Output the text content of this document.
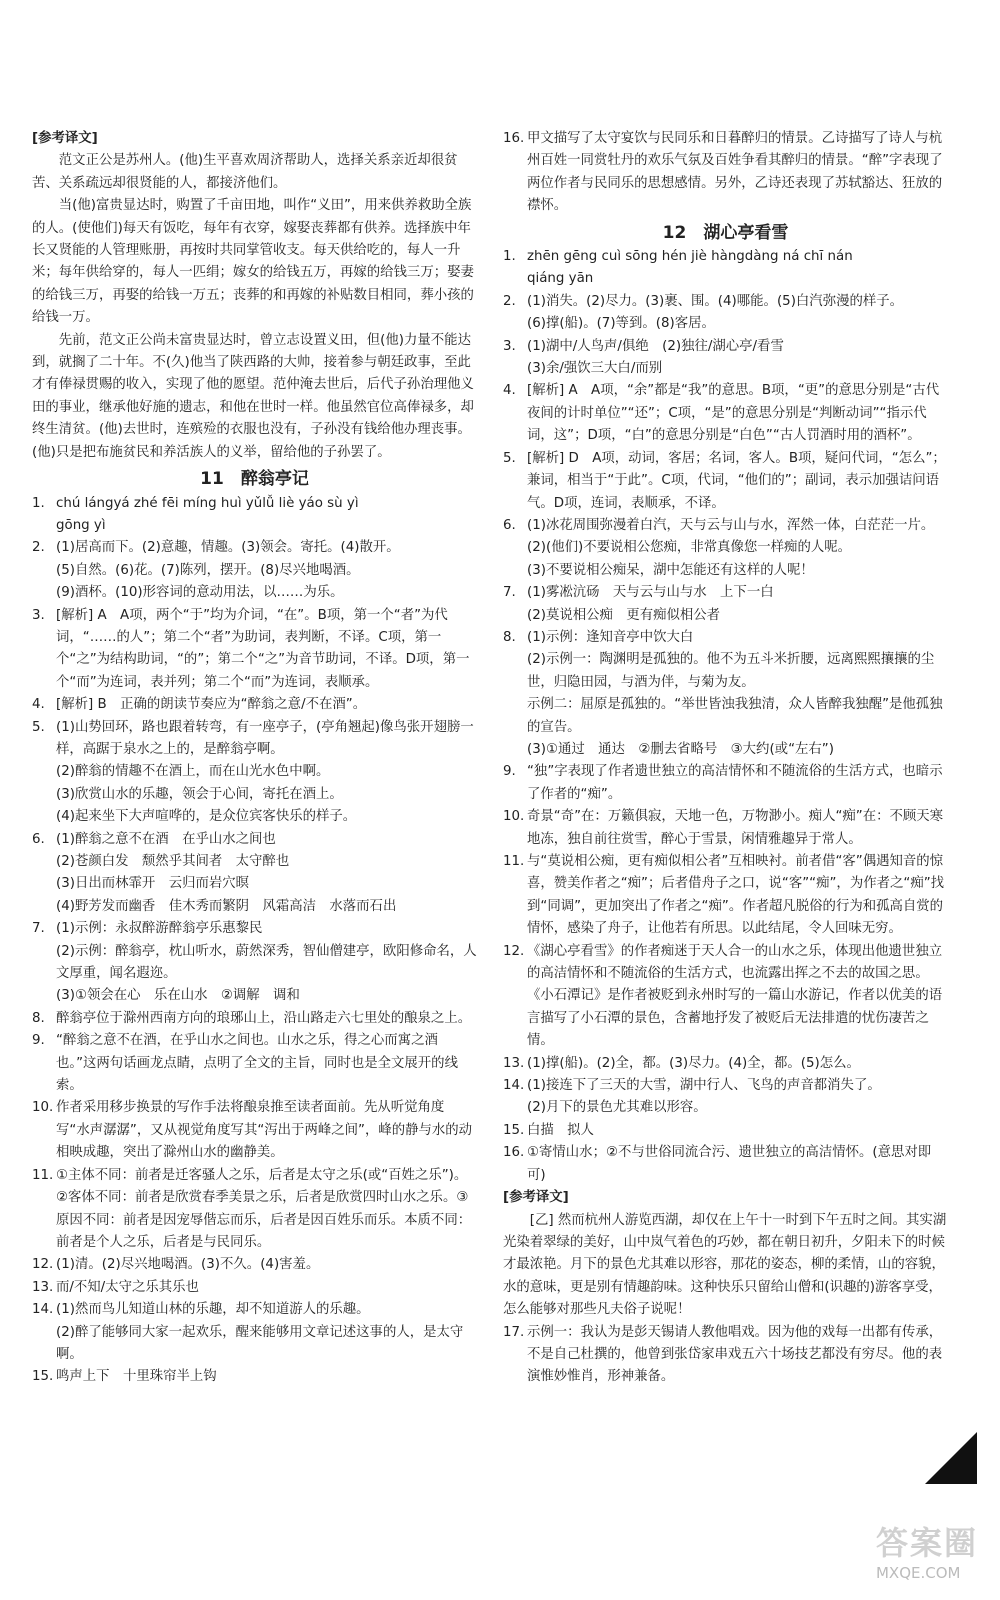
[参考译文]

范文正公是苏州人。(他)生平喜欢周济帮助人，选择关系亲近却很贫苦、关系疏远却很贤能的人，都接济他们。

当(他)富贵显达时，购置了千亩田地，叫作“义田”，用来供养救助全族的人。(使他们)每天有饭吃，每年有衣穿，嫁娶丧葬都有供养。选择族中年长又贤能的人管理账册，再按时共同掌管收支。每天供给吃的，每人一升米；每年供给穿的，每人一匹绢；嫁女的给钱五万，再嫁的给钱三万；娶妻的给钱三万，再娶的给钱一万五；丧葬的和再嫁的补贴数目相同，葬小孩的给钱一万。

先前，范文正公尚未富贵显达时，曾立志设置义田，但(他)力量不能达到，就搁了二十年。不(久)他当了陕西路的大帅，接着参与朝廷政事，至此才有俸禄贯赐的收入，实现了他的愿望。范仲淹去世后，后代子孙治理他义田的事业，继承他好施的遗志，和他在世时一样。他虽然官位高俸禄多，却终生清贫。(他)去世时，连殡殓的衣服也没有，子孙没有钱给他办理丧事。(他)只是把布施贫民和养活族人的义举，留给他的子孙罢了。

11　醉翁亭记

1. chú lángyá zhé fēi míng huì yǔlǚ liè yáo sù yì
gōng yì
2. (1)居高而下。(2)意趣，情趣。(3)领会。寄托。(4)散开。
(5)自然。(6)花。(7)陈列，摆开。(8)尽兴地喝酒。
(9)酒杯。(10)形容词的意动用法，以……为乐。
3. [解析] A　A项，两个“于”均为介词，“在”。B项，第一个“者”为代词，“……的人”；第二个“者”为助词，表判断，不译。C项，第一个“之”为结构助词，“的”；第二个“之”为音节助词，不译。D项，第一个“而”为连词，表并列；第二个“而”为连词，表顺承。
4. [解析] B　正确的朗读节奏应为“醉翁之意/不在酒”。
5. (1)山势回环，路也跟着转弯，有一座亭子，(亭角翘起)像鸟张开翅膀一样，高踞于泉水之上的，是醉翁亭啊。
(2)醉翁的情趣不在酒上，而在山光水色中啊。
(3)欣赏山水的乐趣，领会于心间，寄托在酒上。
(4)起来坐下大声喧哗的，是众位宾客快乐的样子。
6. (1)醉翁之意不在酒　在乎山水之间也
(2)苍颜白发　颓然乎其间者　太守醉也
(3)日出而林霏开　云归而岩穴暝
(4)野芳发而幽香　佳木秀而繁阴　风霜高洁　水落而石出
7. (1)示例：永叔醉游醉翁亭乐惠黎民
(2)示例：醉翁亭，枕山听水，蔚然深秀，智仙僧建亭，欧阳修命名，人文厚重，闻名遐迩。
(3)①领会在心　乐在山水　②调解　调和
8. 醉翁亭位于滁州西南方向的琅琊山上，沿山路走六七里处的酿泉之上。
9. “醉翁之意不在酒，在乎山水之间也。山水之乐，得之心而寓之酒也。”这两句话画龙点睛，点明了全文的主旨，同时也是全文展开的线索。
10. 作者采用移步换景的写作手法将酿泉推至读者面前。先从听觉角度写“水声潺潺”，又从视觉角度写其“泻出于两峰之间”，峰的静与水的动相映成趣，突出了滁州山水的幽静美。
11. ①主体不同：前者是迁客骚人之乐，后者是太守之乐(或“百姓之乐”)。②客体不同：前者是欣赏春季美景之乐，后者是欣赏四时山水之乐。③原因不同：前者是因宠辱偕忘而乐，后者是因百姓乐而乐。本质不同：前者是个人之乐，后者是与民同乐。
12. (1)清。(2)尽兴地喝酒。(3)不久。(4)害羞。
13. 而/不知/太守之乐其乐也
14. (1)然而鸟儿知道山林的乐趣，却不知道游人的乐趣。
(2)醉了能够同大家一起欢乐，醒来能够用文章记述这事的人，是太守啊。
15. 鸣声上下　十里珠帘半上钩
16. 甲文描写了太守宴饮与民同乐和日暮醉归的情景。乙诗描写了诗人与杭州百姓一同赏牡丹的欢乐气氛及百姓争看其醉归的情景。“醉”字表现了两位作者与民同乐的思想感情。另外，乙诗还表现了苏轼豁达、狂放的襟怀。

12　湖心亭看雪

1. zhēn gēng cuì sōng hén jiè hàngdàng ná chī nán
qiáng yān
2. (1)消失。(2)尽力。(3)裹、围。(4)哪能。(5)白汽弥漫的样子。
(6)撑(船)。(7)等到。(8)客居。
3. (1)湖中/人鸟声/俱绝　(2)独往/湖心亭/看雪
(3)余/强饮三大白/而别
4. [解析] A　A项，“余”都是“我”的意思。B项，“更”的意思分别是“古代夜间的计时单位”“还”；C项，“是”的意思分别是“判断动词”“指示代词，这”；D项，“白”的意思分别是“白色”“古人罚酒时用的酒杯”。
5. [解析] D　A项，动词，客居；名词，客人。B项，疑问代词，“怎么”；兼词，相当于“于此”。C项，代词，“他们的”；副词，表示加强诘问语气。D项，连词，表顺承，不译。
6. (1)冰花周围弥漫着白汽，天与云与山与水，浑然一体，白茫茫一片。
(2)(他们)不要说相公您痴，非常真像您一样痴的人呢。
(3)不要说相公痴呆，湖中怎能还有这样的人呢！
7. (1)雾凇沆砀　天与云与山与水　上下一白
(2)莫说相公痴　更有痴似相公者
8. (1)示例：逢知音亭中饮大白
(2)示例一：陶渊明是孤独的。他不为五斗米折腰，远离熙熙攘攘的尘世，归隐田园，与酒为伴，与菊为友。
示例二：屈原是孤独的。“举世皆浊我独清，众人皆醉我独醒”是他孤独的宣告。
(3)①通过　通达　②删去省略号　③大约(或“左右”)
9. “独”字表现了作者遗世独立的高洁情怀和不随流俗的生活方式，也暗示了作者的“痴”。
10. 奇景“奇”在：万籁俱寂，天地一色，万物渺小。痴人“痴”在：不顾天寒地冻，独自前往赏雪，醉心于雪景，闲情雅趣异于常人。
11. 与“莫说相公痴，更有痴似相公者”互相映衬。前者借“客”偶遇知音的惊喜，赞美作者之“痴”；后者借舟子之口，说“客”“痴”，为作者之“痴”找到“同调”，更加突出了作者之“痴”。作者超凡脱俗的行为和孤高自赏的情怀，感染了舟子，让他若有所思。以此结尾，令人回味无穷。
12. 《湖心亭看雪》的作者痴迷于天人合一的山水之乐，体现出他遗世独立的高洁情怀和不随流俗的生活方式，也流露出挥之不去的故国之思。《小石潭记》是作者被贬到永州时写的一篇山水游记，作者以优美的语言描写了小石潭的景色，含蓄地抒发了被贬后无法排遣的忧伤凄苦之情。
13. (1)撑(船)。(2)全，都。(3)尽力。(4)全，都。(5)怎么。
14. (1)接连下了三天的大雪，湖中行人、飞鸟的声音都消失了。
(2)月下的景色尤其难以形容。
15. 白描　拟人
16. ①寄情山水；②不与世俗同流合污、遗世独立的高洁情怀。(意思对即可)

[参考译文]

[乙] 然而杭州人游览西湖，却仅在上午十一时到下午五时之间。其实湖光染着翠绿的美好，山中岚气着色的巧妙，都在朝日初升，夕阳未下的时候才最浓艳。月下的景色尤其难以形容，那花的姿态，柳的柔情，山的容貌，水的意味，更是别有情趣韵味。这种快乐只留给山僧和(识趣的)游客享受，怎么能够对那些凡夫俗子说呢！

17. 示例一：我认为是彭天锡请人教他唱戏。因为他的戏每一出都有传承，不是自己杜撰的，他曾到张岱家串戏五六十场技艺都没有穷尽。他的表演惟妙惟肖，形神兼备。
答案圈
MXQE.COM
